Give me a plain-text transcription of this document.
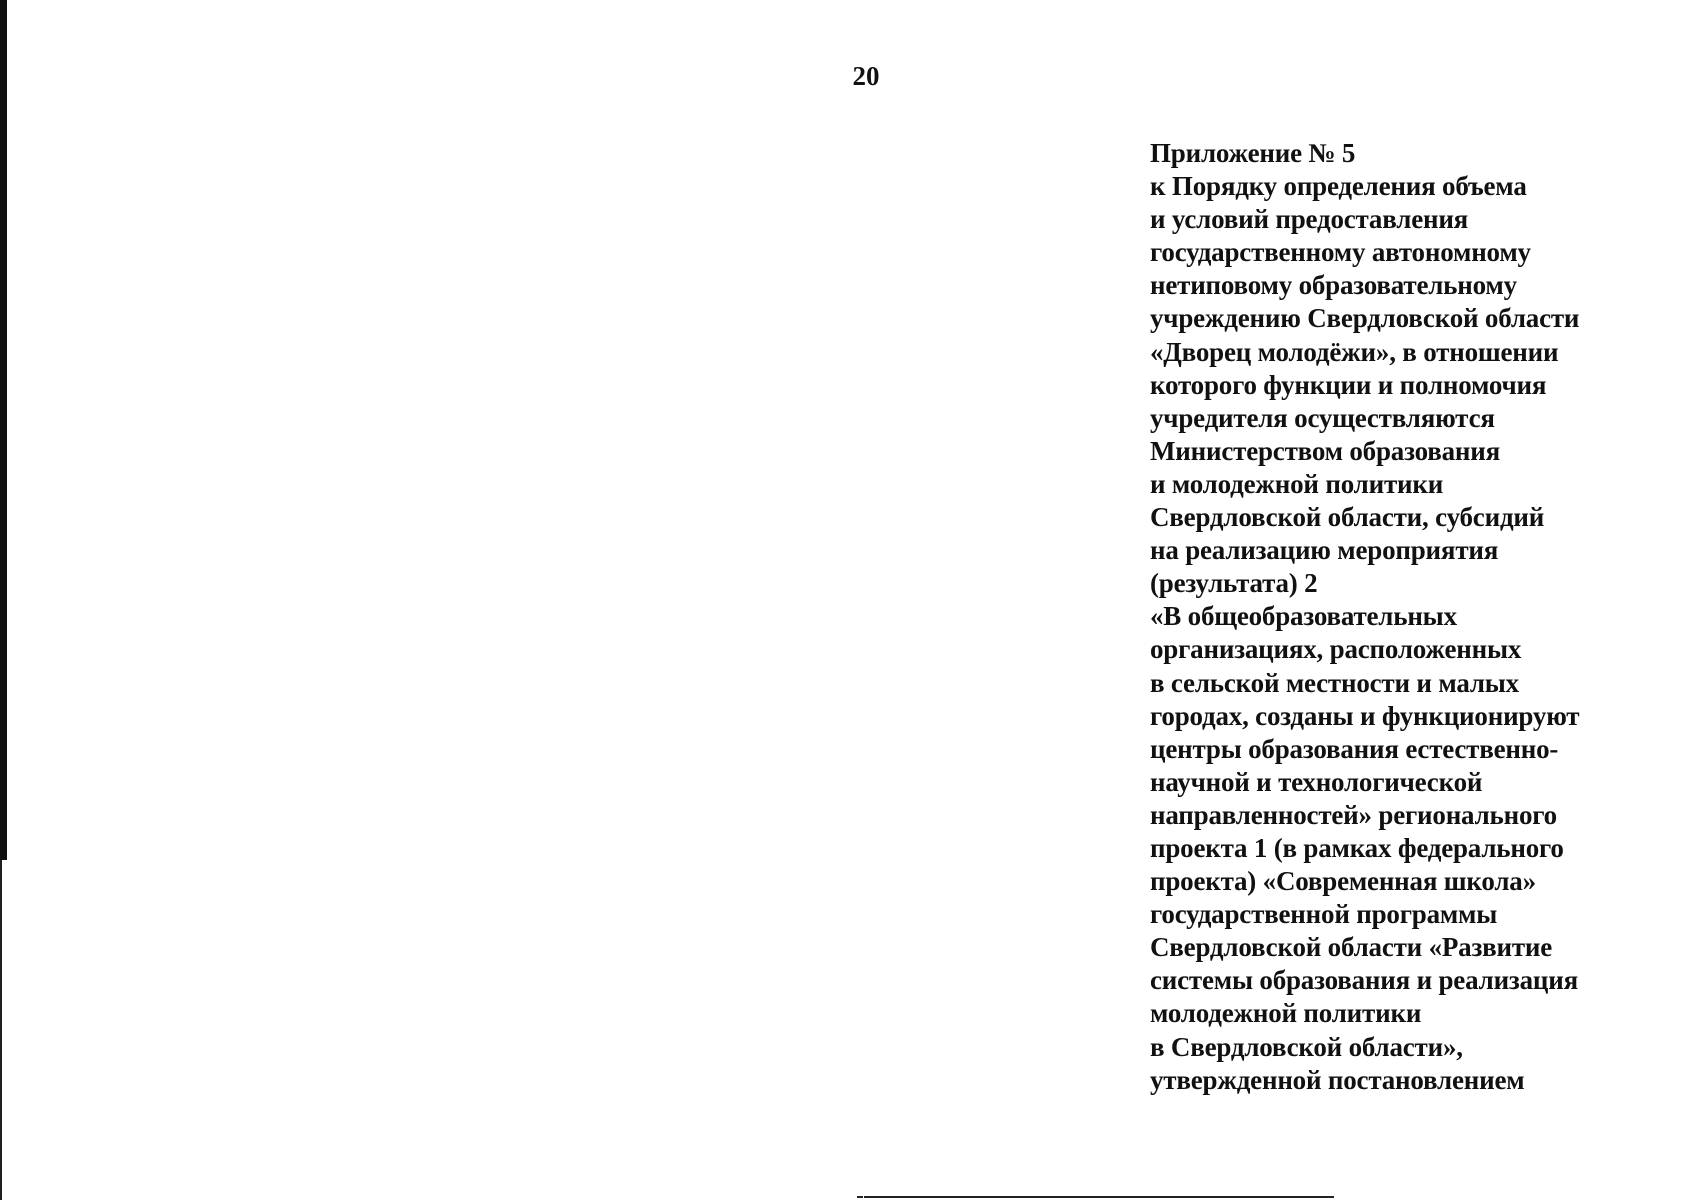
20
Приложение № 5
к Порядку определения объема
и условий предоставления
государственному автономному
нетиповому образовательному
учреждению Свердловской области
«Дворец молодёжи», в отношении
которого функции и полномочия
учредителя осуществляются
Министерством образования
и молодежной политики
Свердловской области, субсидий
на реализацию мероприятия
(результата) 2
«В общеобразовательных
организациях, расположенных
в сельской местности и малых
городах, созданы и функционируют
центры образования естественно-
научной и технологической
направленностей» регионального
проекта 1 (в рамках федерального
проекта) «Современная школа»
государственной программы
Свердловской области «Развитие
системы образования и реализация
молодежной политики
в Свердловской области»,
утвержденной постановлением
